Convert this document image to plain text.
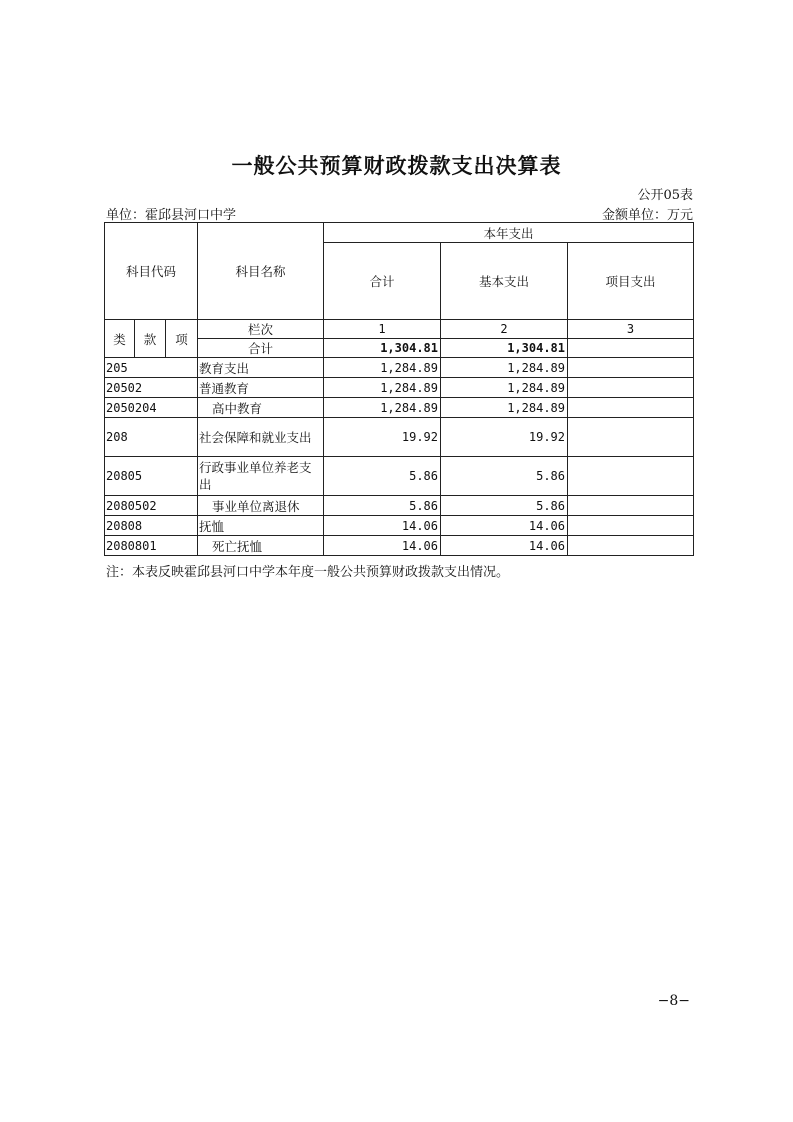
一般公共预算财政拨款支出决算表
公开05表
单位：霍邱县河口中学	金额单位：万元
科目代码			科目名称	本年支出		
				合计	基本支出	项目支出
类	款	项	栏次	1	2	3
			合计	1,304.81	1,304.81	
205			教育支出	1,284.89	1,284.89	
20502			普通教育	1,284.89	1,284.89	
2050204			高中教育	1,284.89	1,284.89	
208			社会保障和就业支出	19.92	19.92	
20805			行政事业单位养老支出	5.86	5.86	
2080502			事业单位离退休	5.86	5.86	
20808			抚恤	14.06	14.06	
2080801			死亡抚恤	14.06	14.06	
注：本表反映霍邱县河口中学本年度一般公共预算财政拨款支出情况。
−8−
